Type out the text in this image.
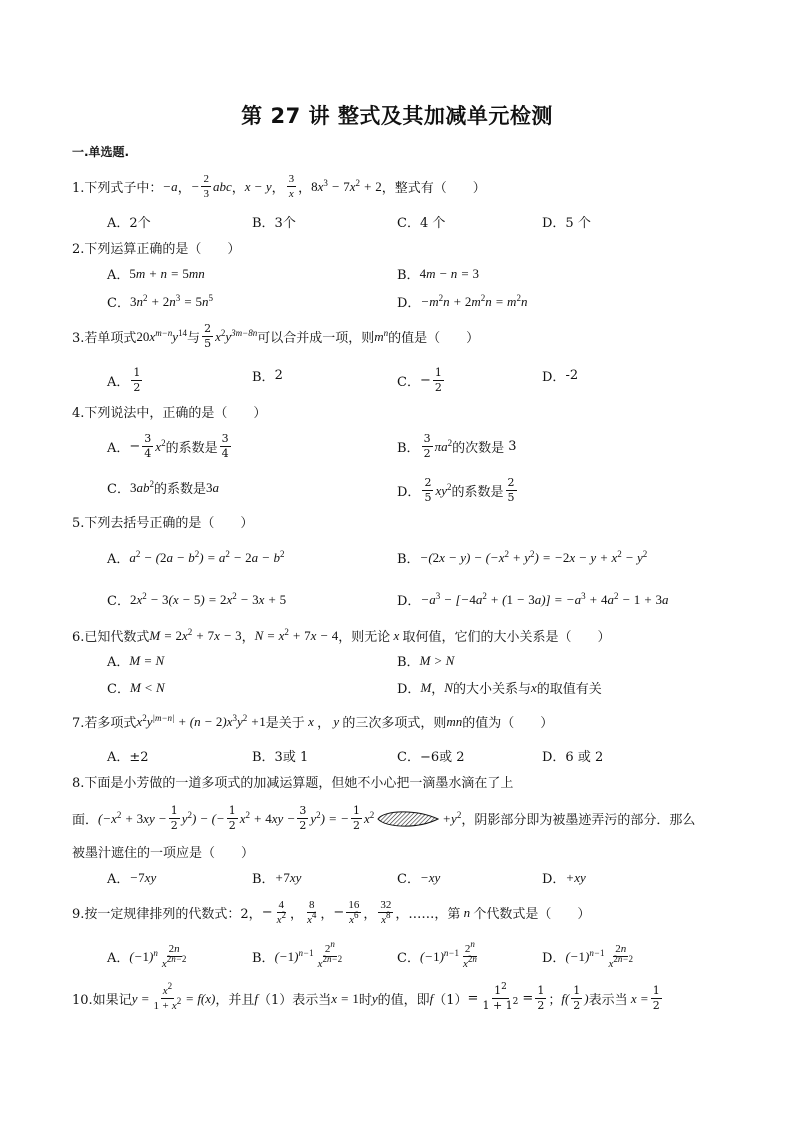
第 27 讲 整式及其加减单元检测
一.单选题.
1.下列式子中： −a ， − $\frac{2}{3}$ abc ， x − y ，
3
x ， $8x^3 - 7x^2 + 2$ ，整式有（　　）
A．2个	B．3个	C．4 个	D．5 个
2.下列运算正确的是（　　）
A． 5m + n = 5mn	B． 4m − n = 3
C． $3n^2 + 2n^3 = 5n^5$	D． $-m^2n + 2m^2n = m^2n$
3.若单项式 $20x^{m-n}y^{14}$ 与
2
5 $x^2y^{3m-8n}$ 可以合并成一项，则 $m^n$ 的值是（　　）
A．
1
2
B． 2	C． − $\frac{1}{2}$	D． -2
4.下列说法中，正确的是（　　）
A． − $\frac{3}{4} x^2$ 的系数是
3
4	B．
3
2 $\pi a^2$ 的次数是 3
C． $3ab^2$ 的系数是 3a	D．
2
5 $xy^2$ 的系数是
2
5
5.下列去括号正确的是（　　）
A． $a^2 - (2a - b^2) = a^2 - 2a - b^2$	B． $-(2x - y) - (-x^2 + y^2) = -2x - y + x^2 - y^2$
C． $2x^2 - 3(x - 5) = 2x^2 - 3x + 5$	D． $-a^3 - [-4a^2 + (1 - 3a)] = -a^3 + 4a^2 - 1 + 3a$
6.已知代数式 $M = 2x^2 + 7x - 3$ ， $N = x^2 + 7x - 4$ ，则无论 x 取何值，它们的大小关系是（　　）
A． M = N	B． M > N
C． M < N	D． M ， N 的大小关系与 x 的取值有关
7.若多项式 $x^2y^{|m-n|} + (n - 2)x^3y^2 +1$ 是关于 x ， y 的三次多项式，则 mn 的值为（　　）
A．±2	B．3或 1	C．−6或 2	D．6 或 2
8.下面是小芳做的一道多项式的加减运算题，但她不小心把一滴墨水滴在了上
面． $(-x^2 + 3xy - \frac{1}{2} y^2)$ − (− $\frac{1}{2} x^2 + 4xy - \frac{3}{2} y^2$) = − $\frac{1}{2} x^2$	$+y^2$ ，阴影部分即为被墨迹弄污的部分．那么
被墨汁遮住的一项应是（　　）
A． −7xy	B． +7xy	C． −xy	D． +xy
9.按一定规律排列的代数式：2， − $\frac{4}{x^2}$ ，
8
$x^4$ ， − $\frac{16}{x^6}$ ，
32
$x^8$ ，……，第 n 个代数式是（　　）
A． $(-1)^n$ 2n
$x^{2n-2}$	B． $(-1)^{n-1}$ 2$^n$
$x^{2n-2}$	C． $(-1)^{n-1}$ 2$^n$
$x^{2n}$	D． $(-1)^{n-1}$ 2n
$x^{2n-2}$
10.如果记 $y = \frac{x^2}{1 + x^2} = f(x)$ ，并且 f （1）表示当 x = 1 时 y 的值，即 f $(1) = \frac{1^2}{1 + 1^2} = \frac{1}{2}$ ； f( 1
2 ) 表示当 $x = \frac{1}{2}$
